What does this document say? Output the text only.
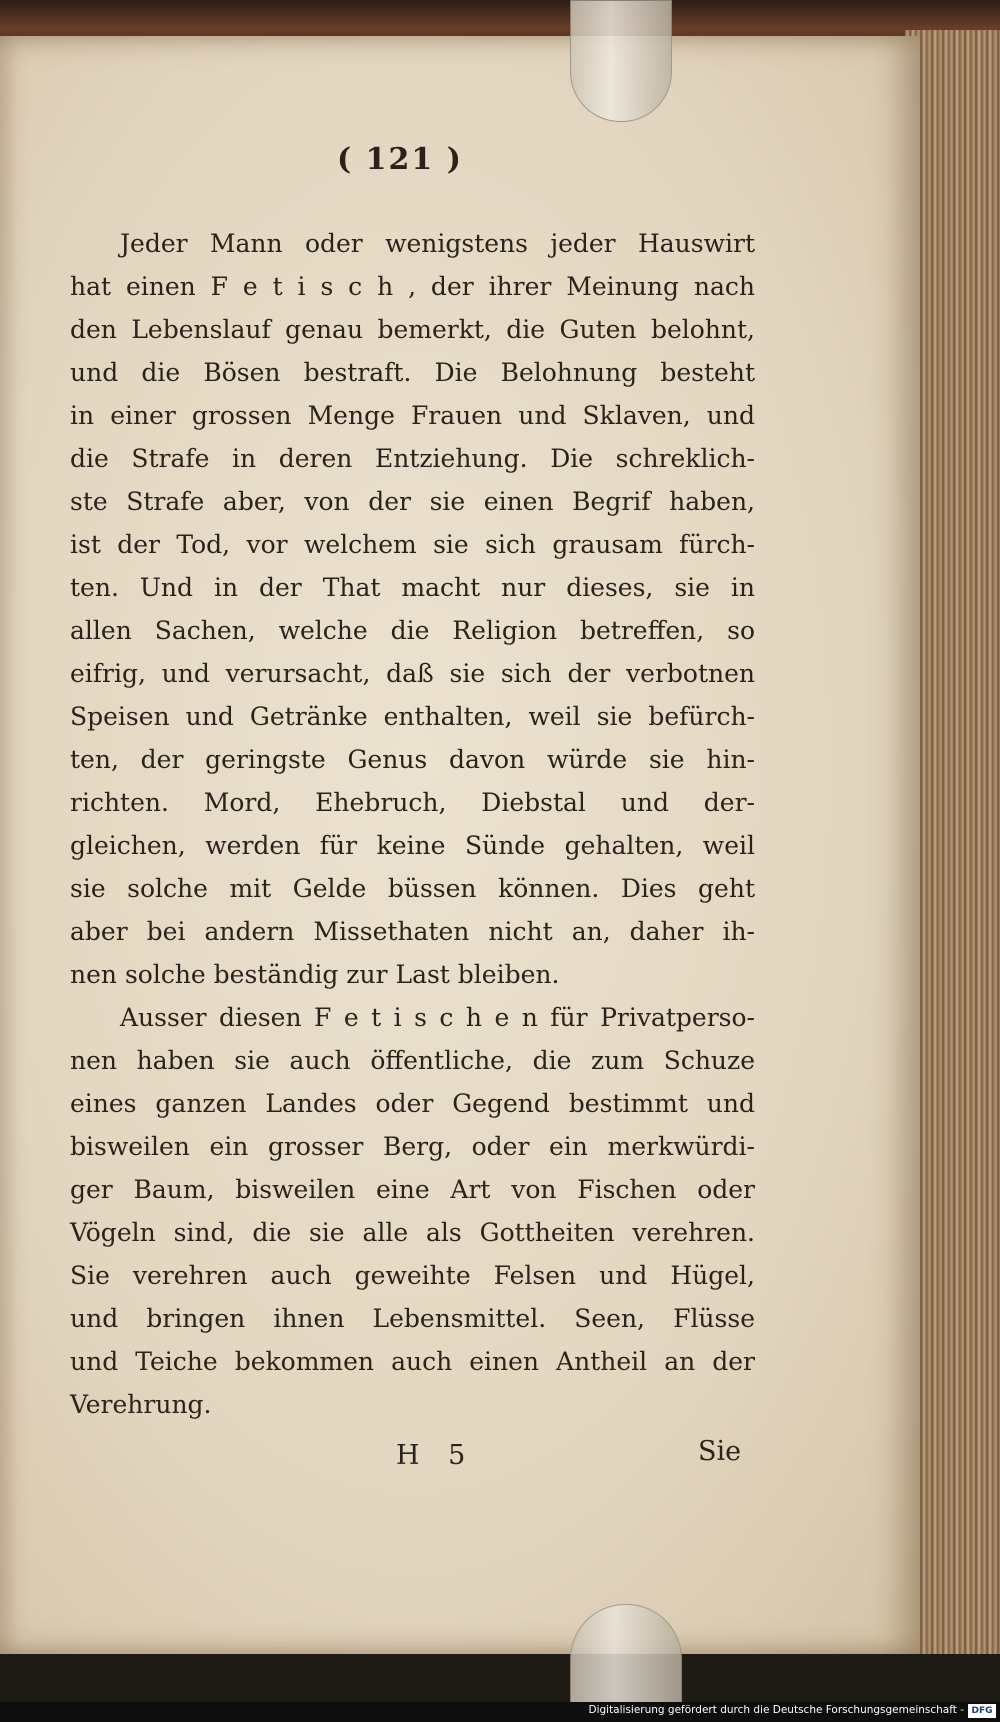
( 121 )
Jeder Mann oder wenigstens jeder Hauswirt
hat einen F e t i s c h , der ihrer Meinung nach
den Lebenslauf genau bemerkt, die Guten belohnt,
und die Bösen bestraft. Die Belohnung besteht
in einer grossen Menge Frauen und Sklaven, und
die Strafe in deren Entziehung. Die schreklich-
ste Strafe aber, von der sie einen Begrif haben,
ist der Tod, vor welchem sie sich grausam fürch-
ten. Und in der That macht nur dieses, sie in
allen Sachen, welche die Religion betreffen, so
eifrig, und verursacht, daß sie sich der verbotnen
Speisen und Getränke enthalten, weil sie befürch-
ten, der geringste Genus davon würde sie hin-
richten. Mord, Ehebruch, Diebstal und der-
gleichen, werden für keine Sünde gehalten, weil
sie solche mit Gelde büssen können. Dies geht
aber bei andern Missethaten nicht an, daher ih-
nen solche beständig zur Last bleiben.
Ausser diesen F e t i s c h e n für Privatperso-
nen haben sie auch öffentliche, die zum Schuze
eines ganzen Landes oder Gegend bestimmt und
bisweilen ein grosser Berg, oder ein merkwürdi-
ger Baum, bisweilen eine Art von Fischen oder
Vögeln sind, die sie alle als Gottheiten verehren.
Sie verehren auch geweihte Felsen und Hügel,
und bringen ihnen Lebensmittel. Seen, Flüsse
und Teiche bekommen auch einen Antheil an der
Verehrung.
H 5	Sie
Digitalisierung gefördert durch die Deutsche Forschungsgemeinschaft - DFG
